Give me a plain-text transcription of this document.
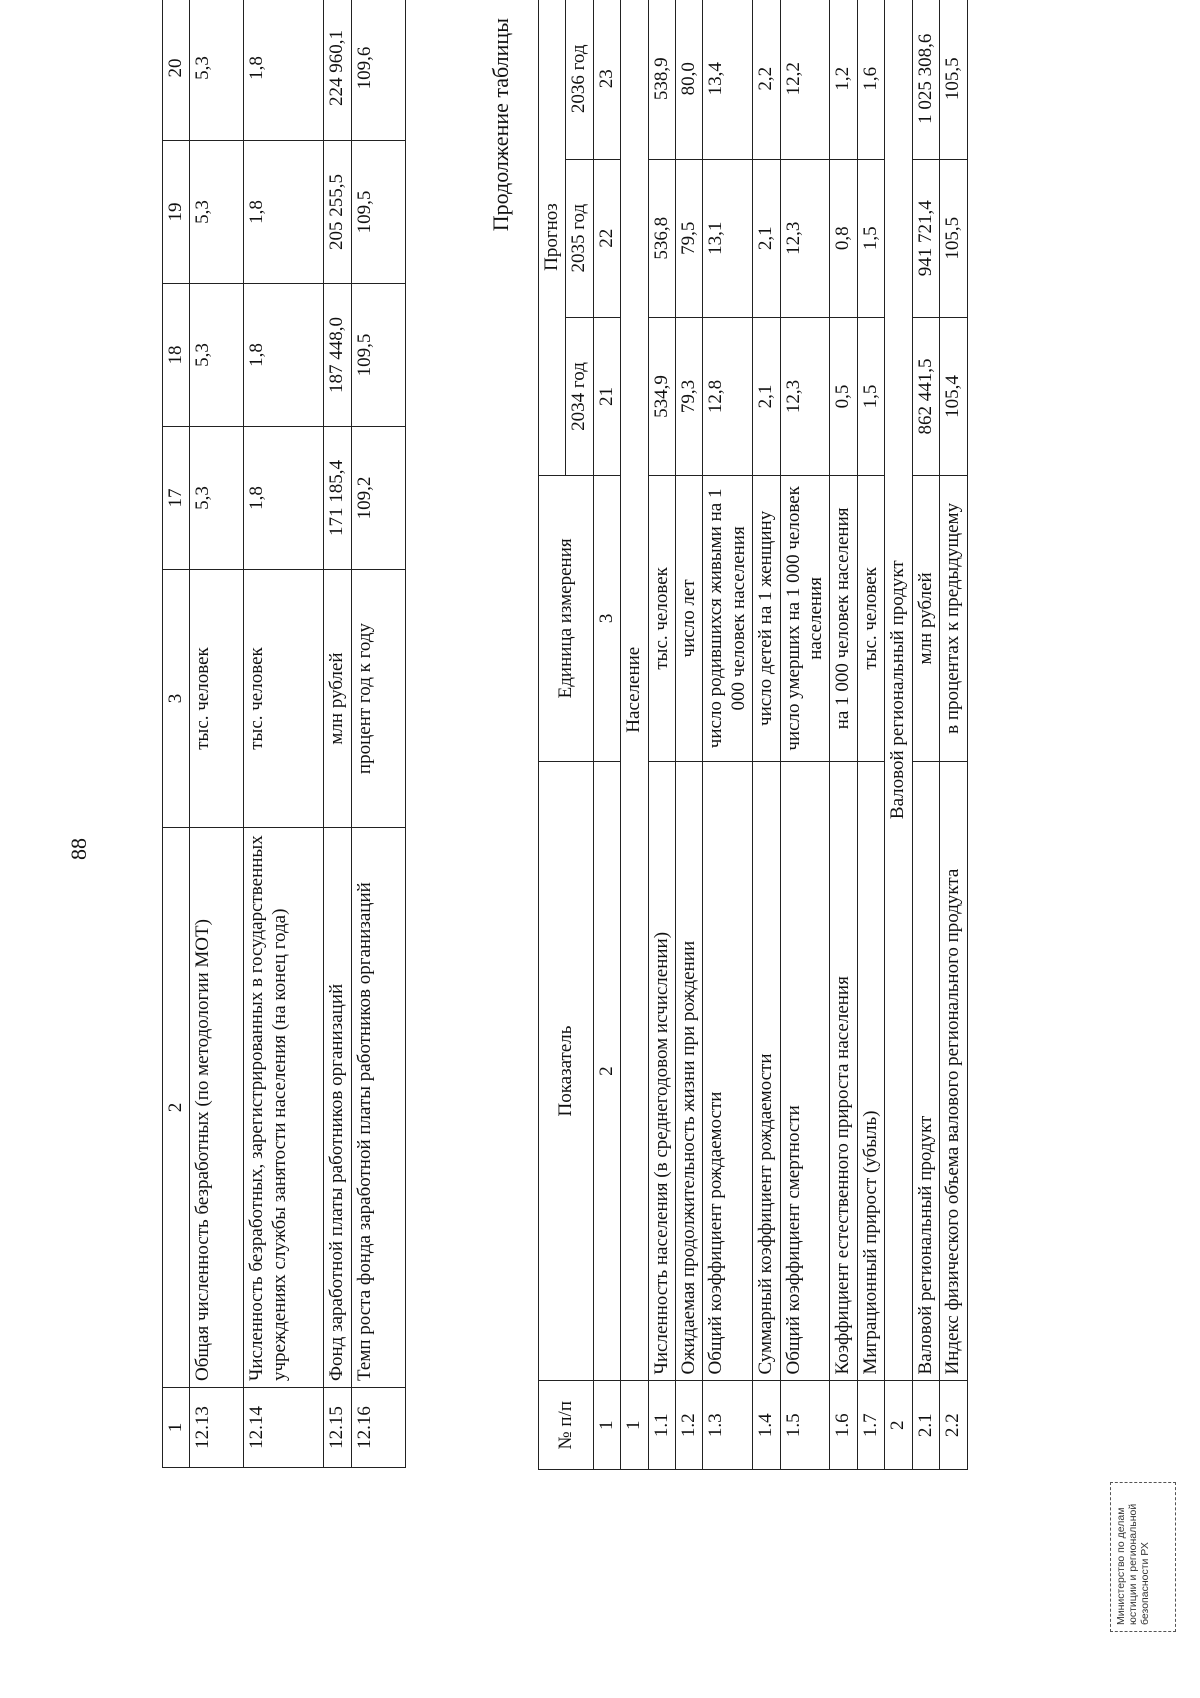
88
1	2	3	17	18	19	20
12.13	Общая численность безработных (по методологии МОТ)	тыс. человек	5,3	5,3	5,3	5,3
12.14	Численность безработных, зарегистрированных в государственных учреждениях службы занятости населения (на конец года)	тыс. человек	1,8	1,8	1,8	1,8
12.15	Фонд заработной платы работников организаций	млн рублей	171 185,4	187 448,0	205 255,5	224 960,1
12.16	Темп роста фонда заработной платы работников организаций	процент год к году	109,2	109,5	109,5	109,6	Продолжение таблицы
№ п/п	Показатель	Единица измерения	Прогноз		
			2034 год	2035 год	2036 год
1	2	3	21	22	23
1	Население				
1.1	Численность населения (в среднегодовом исчислении)	тыс. человек	534,9	536,8	538,9
1.2	Ожидаемая продолжительность жизни при рождении	число лет	79,3	79,5	80,0
1.3	Общий коэффициент рождаемости	число родившихся живыми на 1 000 человек населения	12,8	13,1	13,4
1.4	Суммарный коэффициент рождаемости	число детей на 1 женщину	2,1	2,1	2,2
1.5	Общий коэффициент смертности	число умерших на 1 000 человек населения	12,3	12,3	12,2
1.6	Коэффициент естественного прироста населения	на 1 000 человек населения	0,5	0,8	1,2
1.7	Миграционный прирост (убыль)	тыс. человек	1,5	1,5	1,6
2	Валовой региональный продукт				
2.1	Валовой региональный продукт	млн рублей	862 441,5	941 721,4	1 025 308,6
2.2	Индекс физического объема валового регионального продукта	в процентах к предыдущему	105,4	105,5	105,5
Министерство по делам юстиции и региональной безопасности РХ
